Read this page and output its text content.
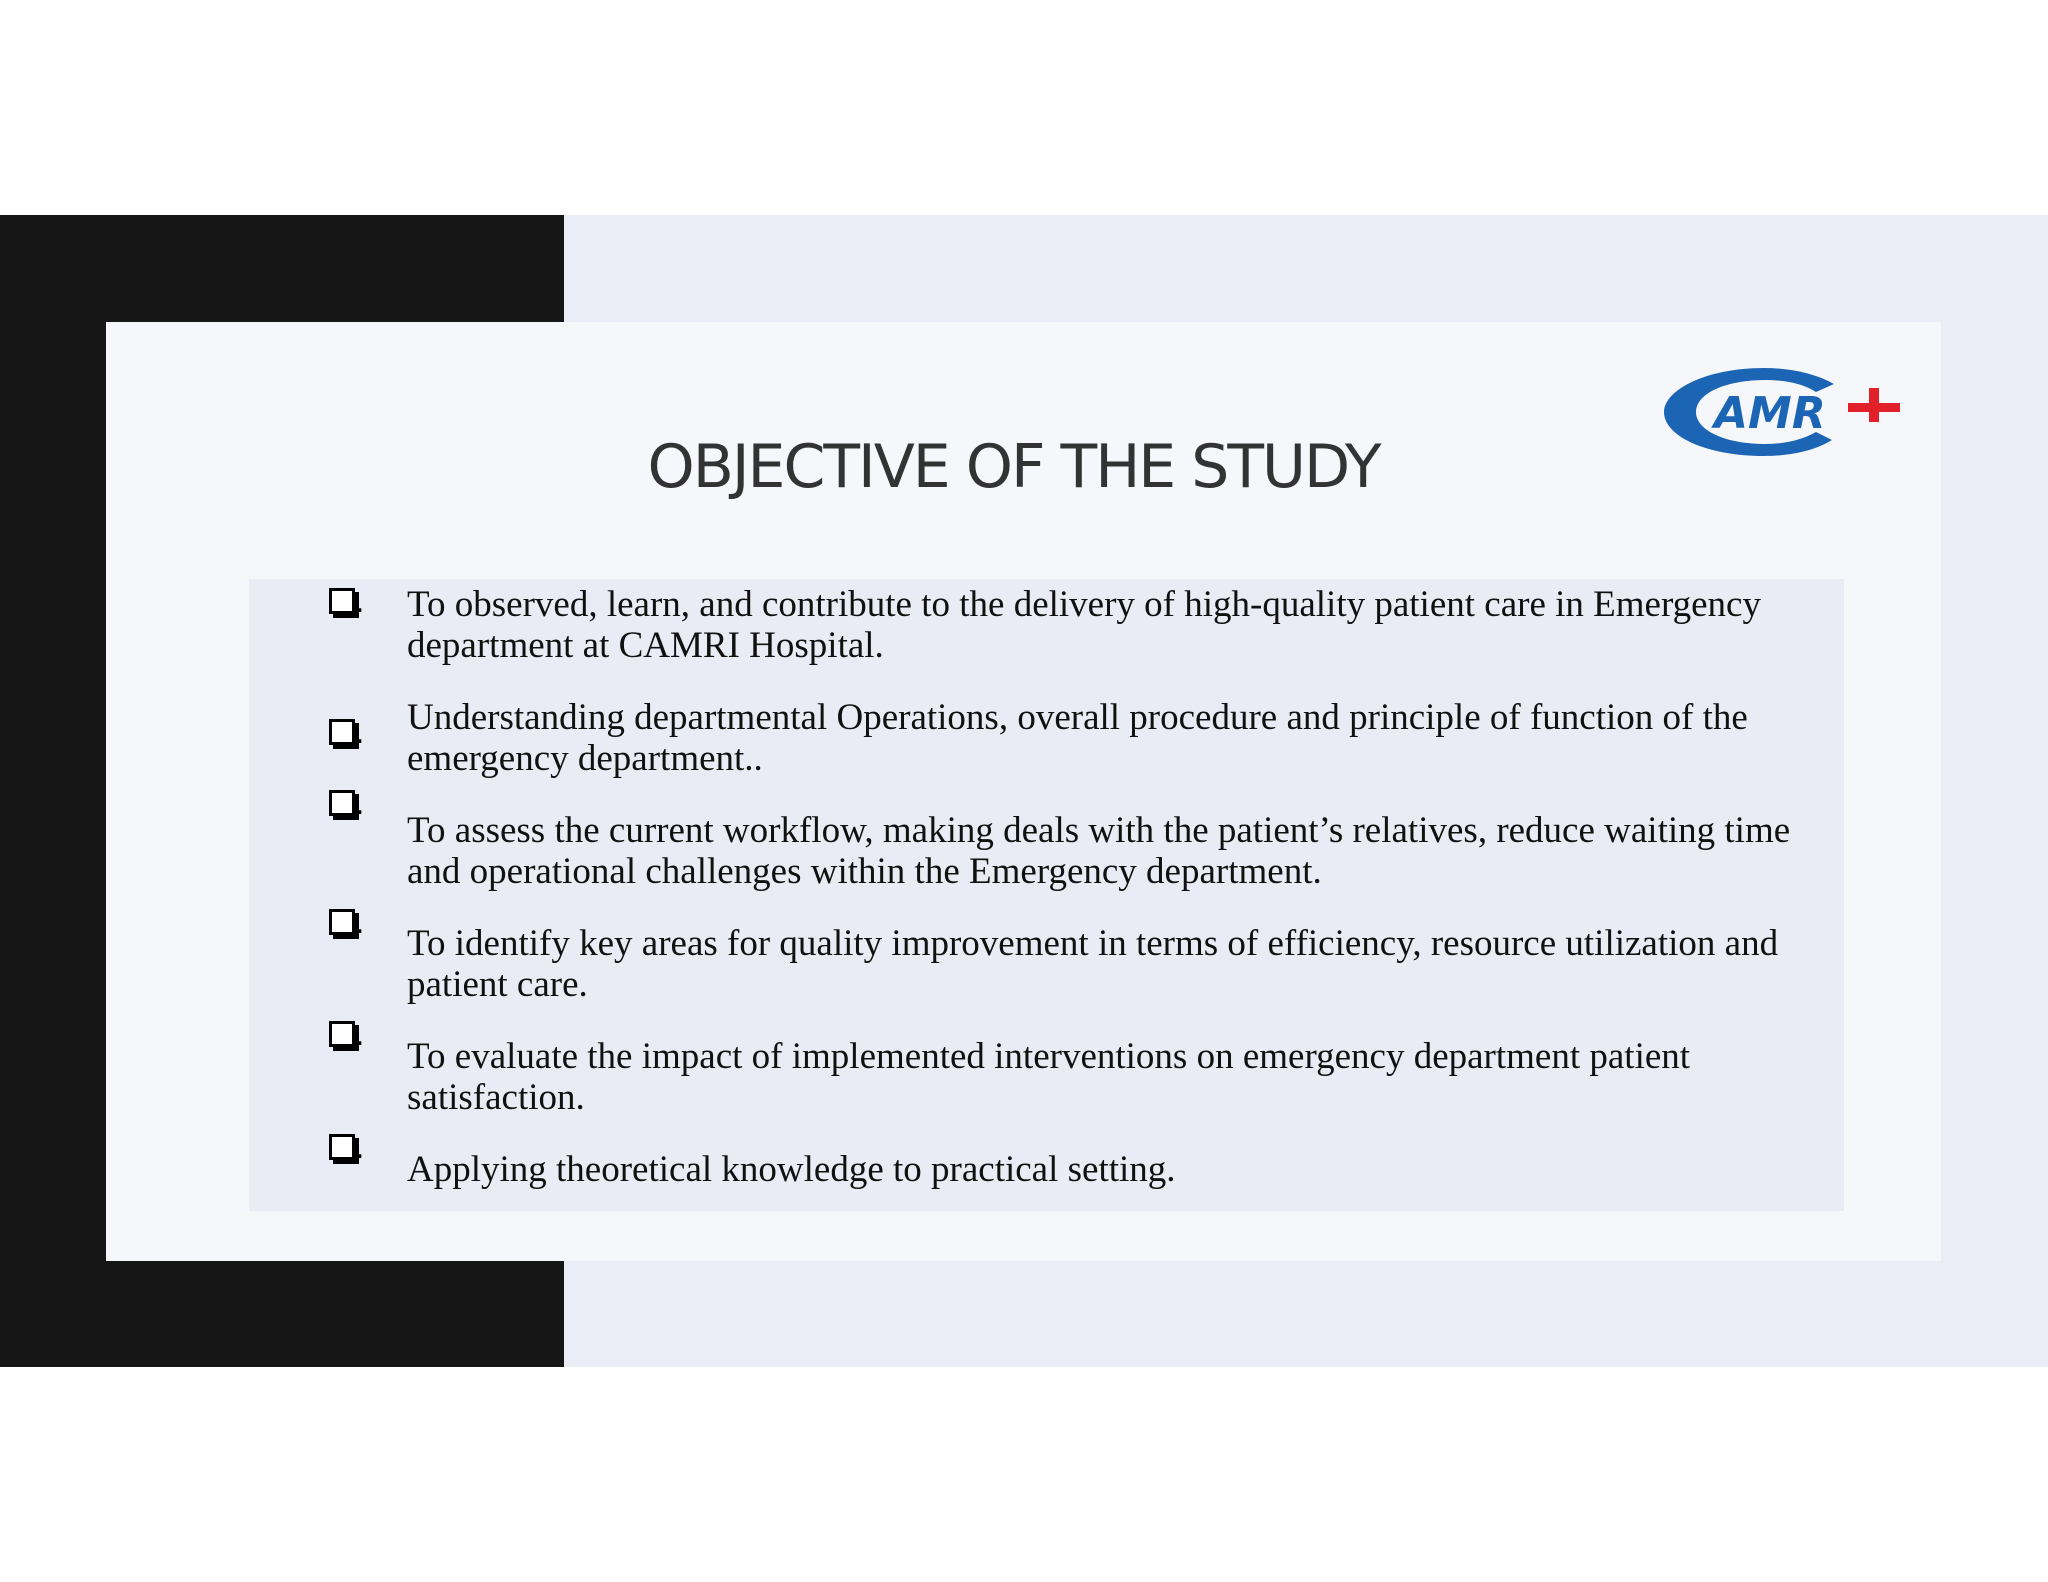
AMR
OBJECTIVE OF THE STUDY
. To observed, learn, and contribute to the delivery of high-quality patient care in Emergency
department at CAMRI Hospital.
. Understanding departmental Operations, overall procedure and principle of function of the
emergency department..
.
To assess the current workflow, making deals with the patient’s relatives, reduce waiting time
and operational challenges within the Emergency department.
. To identify key areas for quality improvement in terms of efficiency, resource utilization and
patient care.
.
To evaluate the impact of implemented interventions on emergency department patient
satisfaction.
.
Applying theoretical knowledge to practical setting.
